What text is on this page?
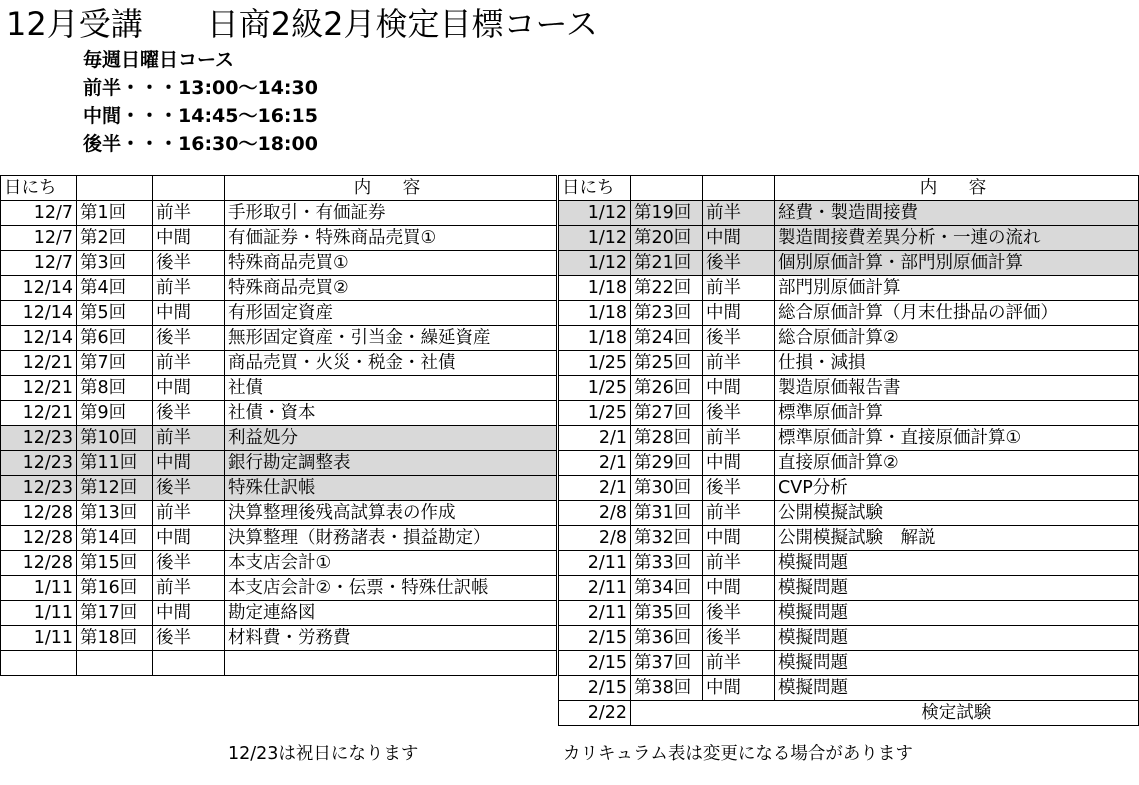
12月受講　　日商2級2月検定目標コース
毎週日曜日コース
前半・・・13:00～14:30
中間・・・14:45～16:15
後半・・・16:30～18:00
日にち			内　容
12/7	第1回	前半	手形取引・有価証券
12/7	第2回	中間	有価証券・特殊商品売買①
12/7	第3回	後半	特殊商品売買①
12/14	第4回	前半	特殊商品売買②
12/14	第5回	中間	有形固定資産
12/14	第6回	後半	無形固定資産・引当金・繰延資産
12/21	第7回	前半	商品売買・火災・税金・社債
12/21	第8回	中間	社債
12/21	第9回	後半	社債・資本
12/23	第10回	前半	利益処分
12/23	第11回	中間	銀行勘定調整表
12/23	第12回	後半	特殊仕訳帳
12/28	第13回	前半	決算整理後残高試算表の作成
12/28	第14回	中間	決算整理（財務諸表・損益勘定）
12/28	第15回	後半	本支店会計①
1/11	第16回	前半	本支店会計②・伝票・特殊仕訳帳
1/11	第17回	中間	勘定連絡図
1/11	第18回	後半	材料費・労務費

日にち			内　容
1/12	第19回	前半	経費・製造間接費
1/12	第20回	中間	製造間接費差異分析・一連の流れ
1/12	第21回	後半	個別原価計算・部門別原価計算
1/18	第22回	前半	部門別原価計算
1/18	第23回	中間	総合原価計算（月末仕掛品の評価）
1/18	第24回	後半	総合原価計算②
1/25	第25回	前半	仕損・減損
1/25	第26回	中間	製造原価報告書
1/25	第27回	後半	標準原価計算
2/1	第28回	前半	標準原価計算・直接原価計算①
2/1	第29回	中間	直接原価計算②
2/1	第30回	後半	CVP分析
2/8	第31回	前半	公開模擬試験
2/8	第32回	中間	公開模擬試験　解説
2/11	第33回	前半	模擬問題
2/11	第34回	中間	模擬問題
2/11	第35回	後半	模擬問題
2/15	第36回	後半	模擬問題
2/15	第37回	前半	模擬問題
2/15	第38回	中間	模擬問題
2/22			検定試験
12/23は祝日になります	カリキュラム表は変更になる場合があります
